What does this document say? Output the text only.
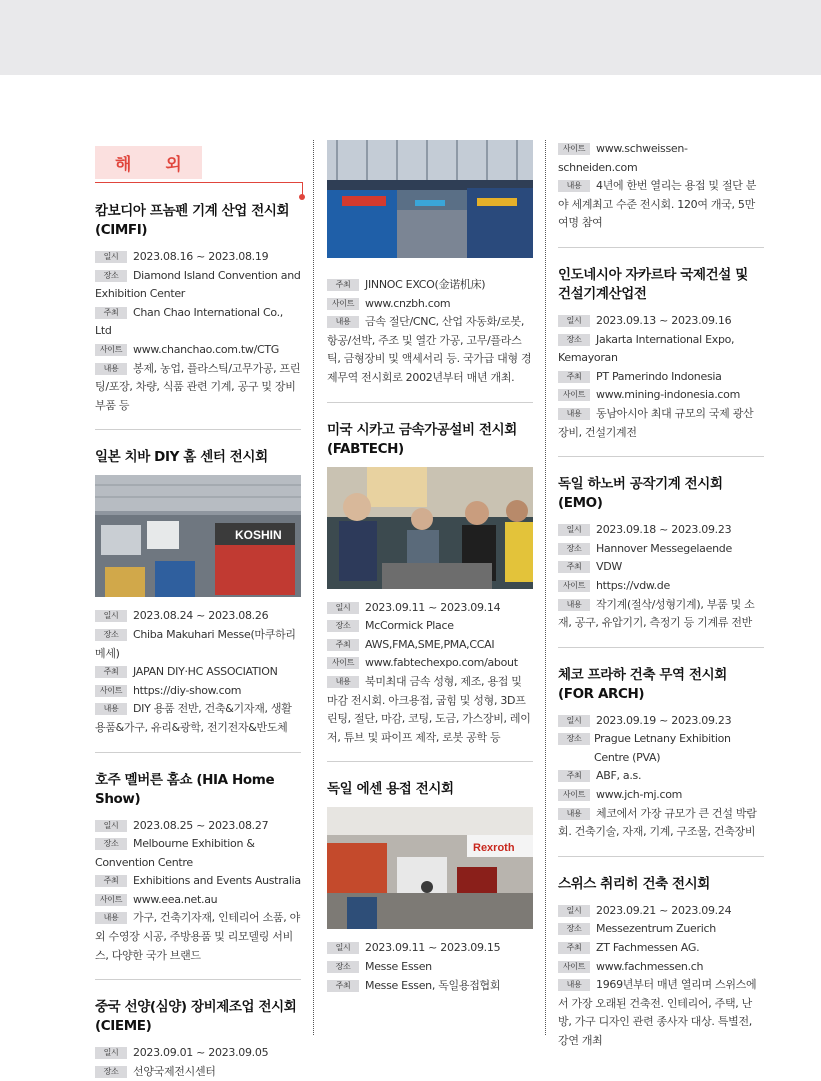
해 외
캄보디아 프놈펜 기계 산업 전시회 (CIMFI)
일시 2023.08.16 ~ 2023.08.19
장소 Diamond Island Convention and Exhibition Center
주최 Chan Chao International Co., Ltd
사이트 www.chanchao.com.tw/CTG
내용 봉제, 농업, 플라스틱/고무가공, 프린팅/포장, 차량, 식품 관련 기계, 공구 및 장비 부품 등
일본 치바 DIY 홈 센터 전시회
KOSHIN
일시 2023.08.24 ~ 2023.08.26
장소 Chiba Makuhari Messe(마쿠하리 메세)
주최 JAPAN DIY·HC ASSOCIATION
사이트 https://diy-show.com
내용 DIY 용품 전반, 건축&기자재, 생활용품&가구, 유리&광학, 전기전자&반도체
호주 멜버른 홈쇼 (HIA Home Show)
일시 2023.08.25 ~ 2023.08.27
장소 Melbourne Exhibition & Convention Centre
주최 Exhibitions and Events Australia
사이트 www.eea.net.au
내용 가구, 건축기자재, 인테리어 소품, 야외 수영장 시공, 주방용품 및 리모델링 서비스, 다양한 국가 브랜드
중국 선양(심양) 장비제조업 전시회 (CIEME)
일시 2023.09.01 ~ 2023.09.05
장소 선양국제전시센터
주최 JINNOC EXCO(金诺机床)
사이트 www.cnzbh.com
내용 금속 절단/CNC, 산업 자동화/로봇, 항공/선박, 주조 및 열간 가공, 고무/플라스틱, 금형장비 및 액세서리 등. 국가급 대형 경제무역 전시회로 2002년부터 매년 개최.
미국 시카고 금속가공설비 전시회 (FABTECH)
일시 2023.09.11 ~ 2023.09.14
장소 McCormick Place
주최 AWS,FMA,SME,PMA,CCAI
사이트 www.fabtechexpo.com/about
내용 북미최대 금속 성형, 제조, 용접 및 마감 전시회. 아크용접, 굽힘 및 성형, 3D프린팅, 절단, 마감, 코팅, 도금, 가스장비, 레이저, 튜브 및 파이프 제작, 로봇 공학 등
독일 에센 용접 전시회
Rexroth
일시 2023.09.11 ~ 2023.09.15
장소 Messe Essen
주최 Messe Essen, 독일용접협회
사이트 www.schweissen-schneiden.com
내용 4년에 한번 열리는 용접 및 절단 분야 세계최고 수준 전시회. 120여 개국, 5만 여명 참여
인도네시아 자카르타 국제건설 및 건설기계산업전
일시 2023.09.13 ~ 2023.09.16
장소 Jakarta International Expo, Kemayoran
주최 PT Pamerindo Indonesia
사이트 www.mining-indonesia.com
내용 동남아시아 최대 규모의 국제 광산 장비, 건설기계전
독일 하노버 공작기계 전시회 (EMO)
일시 2023.09.18 ~ 2023.09.23
장소 Hannover Messegelaende
주최 VDW
사이트 https://vdw.de
내용 작기계(절삭/성형기계), 부품 및 소재, 공구, 유압기기, 측정기 등 기계류 전반
체코 프라하 건축 무역 전시회 (FOR ARCH)
일시 2023.09.19 ~ 2023.09.23
장소 Prague Letnany Exhibition Centre (PVA)
주최 ABF, a.s.
사이트 www.jch-mj.com
내용 체코에서 가장 규모가 큰 건설 박람회. 건축기술, 자재, 기계, 구조물, 건축장비
스위스 취리히 건축 전시회
일시 2023.09.21 ~ 2023.09.24
장소 Messezentrum Zuerich
주최 ZT Fachmessen AG.
사이트 www.fachmessen.ch
내용 1969년부터 매년 열리며 스위스에서 가장 오래된 건축전. 인테리어, 주택, 난방, 가구 디자인 관련 종사자 대상. 특별전, 강연 개최
